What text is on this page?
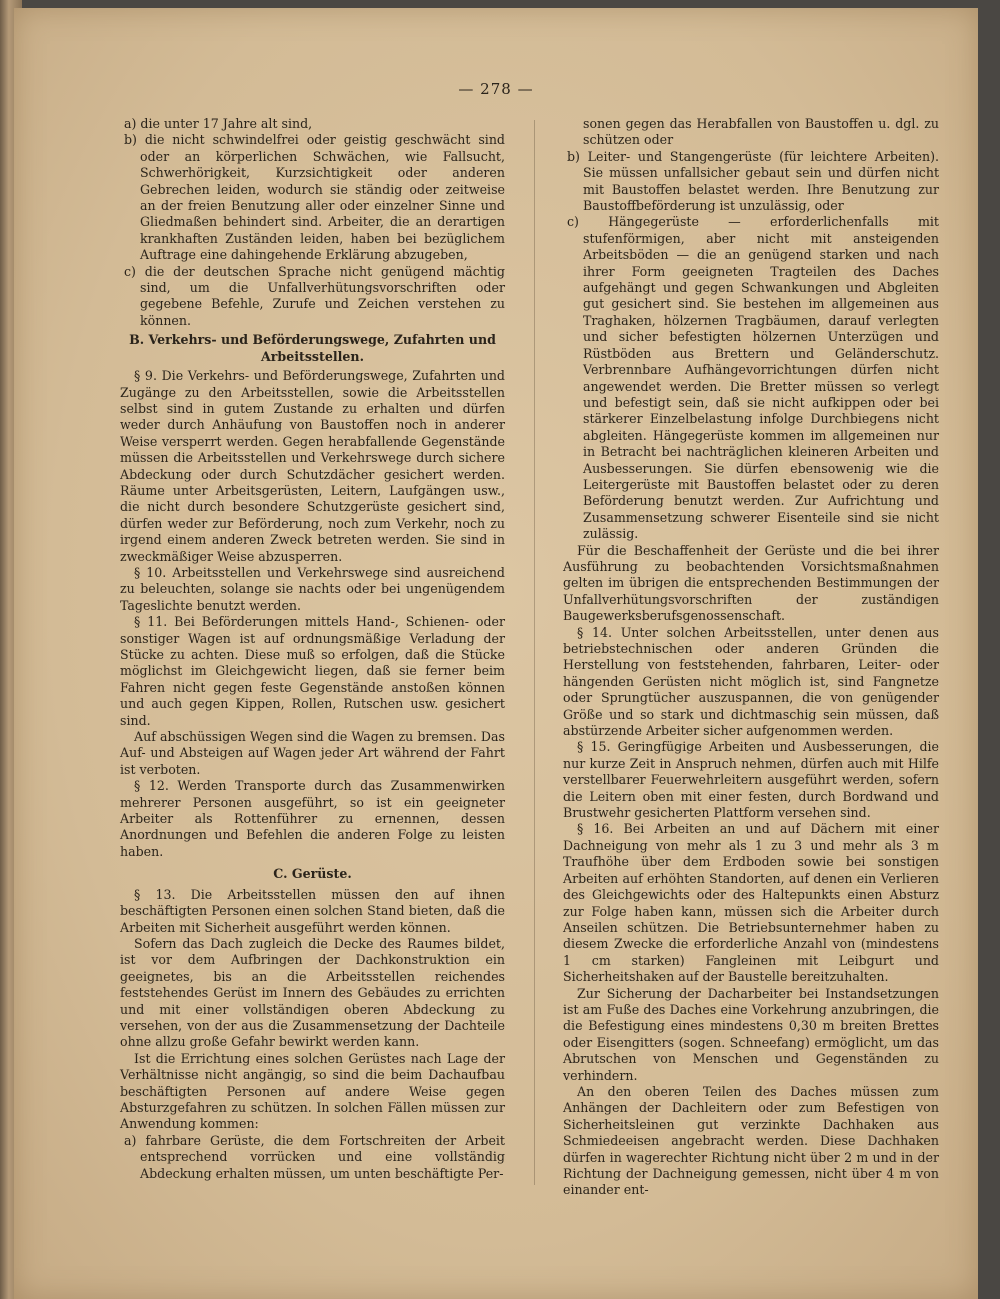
— 278 —

a) die unter 17 Jahre alt sind,

b) die nicht schwindelfrei oder geistig geschwächt sind oder an körperlichen Schwächen, wie Fallsucht, Schwerhörigkeit, Kurzsichtigkeit oder anderen Gebrechen leiden, wodurch sie ständig oder zeitweise an der freien Benutzung aller oder einzelner Sinne und Gliedmaßen behindert sind. Arbeiter, die an derartigen krankhaften Zuständen leiden, haben bei bezüglichem Auftrage eine dahingehende Erklärung abzugeben,

c) die der deutschen Sprache nicht genügend mächtig sind, um die Unfallverhütungsvorschriften oder gegebene Befehle, Zurufe und Zeichen verstehen zu können.

B. Verkehrs- und Beförderungswege, Zufahrten und Arbeitsstellen.

§ 9. Die Verkehrs- und Beförderungswege, Zufahrten und Zugänge zu den Arbeitsstellen, sowie die Arbeitsstellen selbst sind in gutem Zustande zu erhalten und dürfen weder durch Anhäufung von Baustoffen noch in anderer Weise versperrt werden. Gegen herabfallende Gegenstände müssen die Arbeitsstellen und Verkehrswege durch sichere Abdeckung oder durch Schutzdächer gesichert werden. Räume unter Arbeitsgerüsten, Leitern, Laufgängen usw., die nicht durch besondere Schutzgerüste gesichert sind, dürfen weder zur Beförderung, noch zum Verkehr, noch zu irgend einem anderen Zweck betreten werden. Sie sind in zweckmäßiger Weise abzusperren.

§ 10. Arbeitsstellen und Verkehrswege sind ausreichend zu beleuchten, solange sie nachts oder bei ungenügendem Tageslichte benutzt werden.

§ 11. Bei Beförderungen mittels Hand-, Schienen- oder sonstiger Wagen ist auf ordnungsmäßige Verladung der Stücke zu achten. Diese muß so erfolgen, daß die Stücke möglichst im Gleichgewicht liegen, daß sie ferner beim Fahren nicht gegen feste Gegenstände anstoßen können und auch gegen Kippen, Rollen, Rutschen usw. gesichert sind.

Auf abschüssigen Wegen sind die Wagen zu bremsen. Das Auf- und Absteigen auf Wagen jeder Art während der Fahrt ist verboten.

§ 12. Werden Transporte durch das Zusammenwirken mehrerer Personen ausgeführt, so ist ein geeigneter Arbeiter als Rottenführer zu ernennen, dessen Anordnungen und Befehlen die anderen Folge zu leisten haben.

C. Gerüste.

§ 13. Die Arbeitsstellen müssen den auf ihnen beschäftigten Personen einen solchen Stand bieten, daß die Arbeiten mit Sicherheit ausgeführt werden können.

Sofern das Dach zugleich die Decke des Raumes bildet, ist vor dem Aufbringen der Dachkonstruktion ein geeignetes, bis an die Arbeitsstellen reichendes feststehendes Gerüst im Innern des Gebäudes zu errichten und mit einer vollständigen oberen Abdeckung zu versehen, von der aus die Zusammensetzung der Dachteile ohne allzu große Gefahr bewirkt werden kann.

Ist die Errichtung eines solchen Gerüstes nach Lage der Verhältnisse nicht angängig, so sind die beim Dachaufbau beschäftigten Personen auf andere Weise gegen Absturzgefahren zu schützen. In solchen Fällen müssen zur Anwendung kommen:

a) fahrbare Gerüste, die dem Fortschreiten der Arbeit entsprechend vorrücken und eine vollständig Abdeckung erhalten müssen, um unten beschäftigte Per-

sonen gegen das Herabfallen von Baustoffen u. dgl. zu schützen oder

b) Leiter- und Stangengerüste (für leichtere Arbeiten). Sie müssen unfallsicher gebaut sein und dürfen nicht mit Baustoffen belastet werden. Ihre Benutzung zur Baustoffbeförderung ist unzulässig, oder

c) Hängegerüste — erforderlichenfalls mit stufenförmigen, aber nicht mit ansteigenden Arbeitsböden — die an genügend starken und nach ihrer Form geeigneten Tragteilen des Daches aufgehängt und gegen Schwankungen und Abgleiten gut gesichert sind. Sie bestehen im allgemeinen aus Traghaken, hölzernen Tragbäumen, darauf verlegten und sicher befestigten hölzernen Unterzügen und Rüstböden aus Brettern und Geländerschutz. Verbrennbare Aufhängevorrichtungen dürfen nicht angewendet werden. Die Bretter müssen so verlegt und befestigt sein, daß sie nicht aufkippen oder bei stärkerer Einzelbelastung infolge Durchbiegens nicht abgleiten. Hängegerüste kommen im allgemeinen nur in Betracht bei nachträglichen kleineren Arbeiten und Ausbesserungen. Sie dürfen ebensowenig wie die Leitergerüste mit Baustoffen belastet oder zu deren Beförderung benutzt werden. Zur Aufrichtung und Zusammensetzung schwerer Eisenteile sind sie nicht zulässig.

Für die Beschaffenheit der Gerüste und die bei ihrer Ausführung zu beobachtenden Vorsichtsmaßnahmen gelten im übrigen die entsprechenden Bestimmungen der Unfallverhütungsvorschriften der zuständigen Baugewerksberufsgenossenschaft.

§ 14. Unter solchen Arbeitsstellen, unter denen aus betriebstechnischen oder anderen Gründen die Herstellung von feststehenden, fahrbaren, Leiter- oder hängenden Gerüsten nicht möglich ist, sind Fangnetze oder Sprungtücher auszuspannen, die von genügender Größe und so stark und dichtmaschig sein müssen, daß abstürzende Arbeiter sicher aufgenommen werden.

§ 15. Geringfügige Arbeiten und Ausbesserungen, die nur kurze Zeit in Anspruch nehmen, dürfen auch mit Hilfe verstellbarer Feuerwehrleitern ausgeführt werden, sofern die Leitern oben mit einer festen, durch Bordwand und Brustwehr gesicherten Plattform versehen sind.

§ 16. Bei Arbeiten an und auf Dächern mit einer Dachneigung von mehr als 1 zu 3 und mehr als 3 m Traufhöhe über dem Erdboden sowie bei sonstigen Arbeiten auf erhöhten Standorten, auf denen ein Verlieren des Gleichgewichts oder des Haltepunkts einen Absturz zur Folge haben kann, müssen sich die Arbeiter durch Anseilen schützen. Die Betriebsunternehmer haben zu diesem Zwecke die erforderliche Anzahl von (mindestens 1 cm starken) Fangleinen mit Leibgurt und Sicherheitshaken auf der Baustelle bereitzuhalten.

Zur Sicherung der Dacharbeiter bei Instandsetzungen ist am Fuße des Daches eine Vorkehrung anzubringen, die die Befestigung eines mindestens 0,30 m breiten Brettes oder Eisengitters (sogen. Schneefang) ermöglicht, um das Abrutschen von Menschen und Gegenständen zu verhindern.

An den oberen Teilen des Daches müssen zum Anhängen der Dachleitern oder zum Befestigen von Sicherheitsleinen gut verzinkte Dachhaken aus Schmiedeeisen angebracht werden. Diese Dachhaken dürfen in wagerechter Richtung nicht über 2 m und in der Richtung der Dachneigung gemessen, nicht über 4 m von einander ent-
